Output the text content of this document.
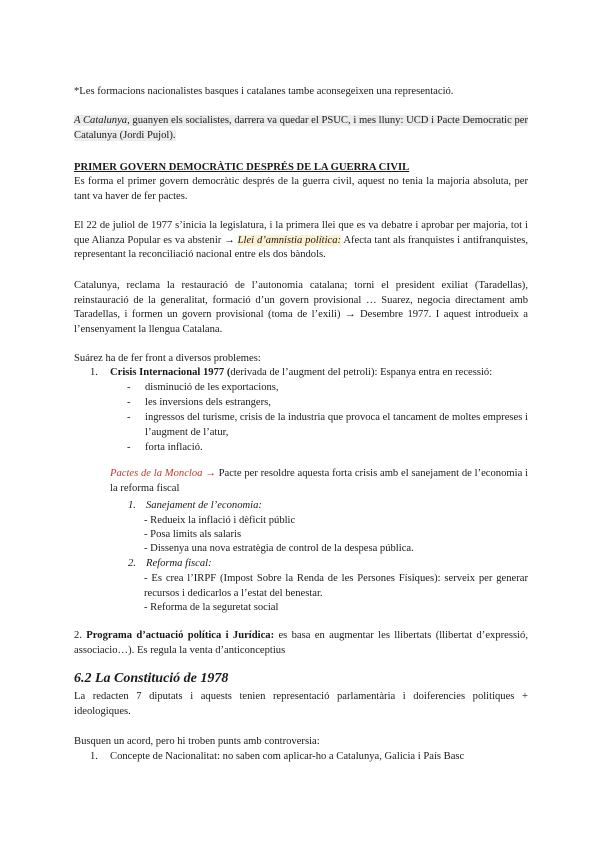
*Les formacions nacionalistes basques i catalanes tambe aconsegeixen una representació.

A Catalunya, guanyen els socialistes, darrera va quedar el PSUC, i mes lluny: UCD i Pacte Democratic per Catalunya (Jordi Pujol).

PRIMER GOVERN DEMOCRÀTIC DESPRÉS DE LA GUERRA CIVIL

Es forma el primer govern democràtic després de la guerra civil, aquest no tenia la majoria absoluta, per tant va haver de fer pactes.

El 22 de juliol de 1977 s’inicia la legislatura, i la primera llei que es va debatre i aprobar per majoria, tot i que Alianza Popular es va abstenir → Llei d’amnistia política: Afecta tant als franquistes i antifranquistes, representant la reconciliació nacional entre els dos bàndols.

Catalunya, reclama la restauració de l’autonomia catalana; torni el president exiliat (Taradellas), reinstauració de la generalitat, formació d’un govern provisional … Suarez, negocia directament amb Taradellas, i formen un govern provisional (toma de l’exili) → Desembre 1977. I aquest introdueix a l’ensenyament la llengua Catalana.

Suárez ha de fer front a diversos problemes:

1. Crisis Internacional 1977 (derivada de l’augment del petroli): Espanya entra en recessió:
- disminució de les exportacions,
- les inversions dels estrangers,
- ingressos del turisme, crisis de la industria que provoca el tancament de moltes empreses i l’augment de l’atur,
- forta inflació.

Pactes de la Moncloa → Pacte per resoldre aquesta forta crisis amb el sanejament de l’economia i la reforma fiscal

1. Sanejament de l’economia:
- Redueix la inflació i dèficit públic
- Posa limits als salaris
- Dissenya una nova estratègia de control de la despesa pública.
2. Reforma fiscal:
- Es crea l’IRPF (Impost Sobre la Renda de les Persones Físiques): serveix per generar recursos i dedicarlos a l’estat del benestar.
- Reforma de la seguretat social

2. Programa d’actuació política i Jurídica: es basa en augmentar les llibertats (llibertat d’expressió, associacio…). Es regula la venta d’anticonceptius

6.2 La Constitució de 1978

La redacten 7 diputats i aquests tenien representació parlamentària i doiferencies politiques + ideologiques.

Busquen un acord, pero hi troben punts amb controversia:

1. Concepte de Nacionalitat: no saben com aplicar-ho a Catalunya, Galicia i País Basc
